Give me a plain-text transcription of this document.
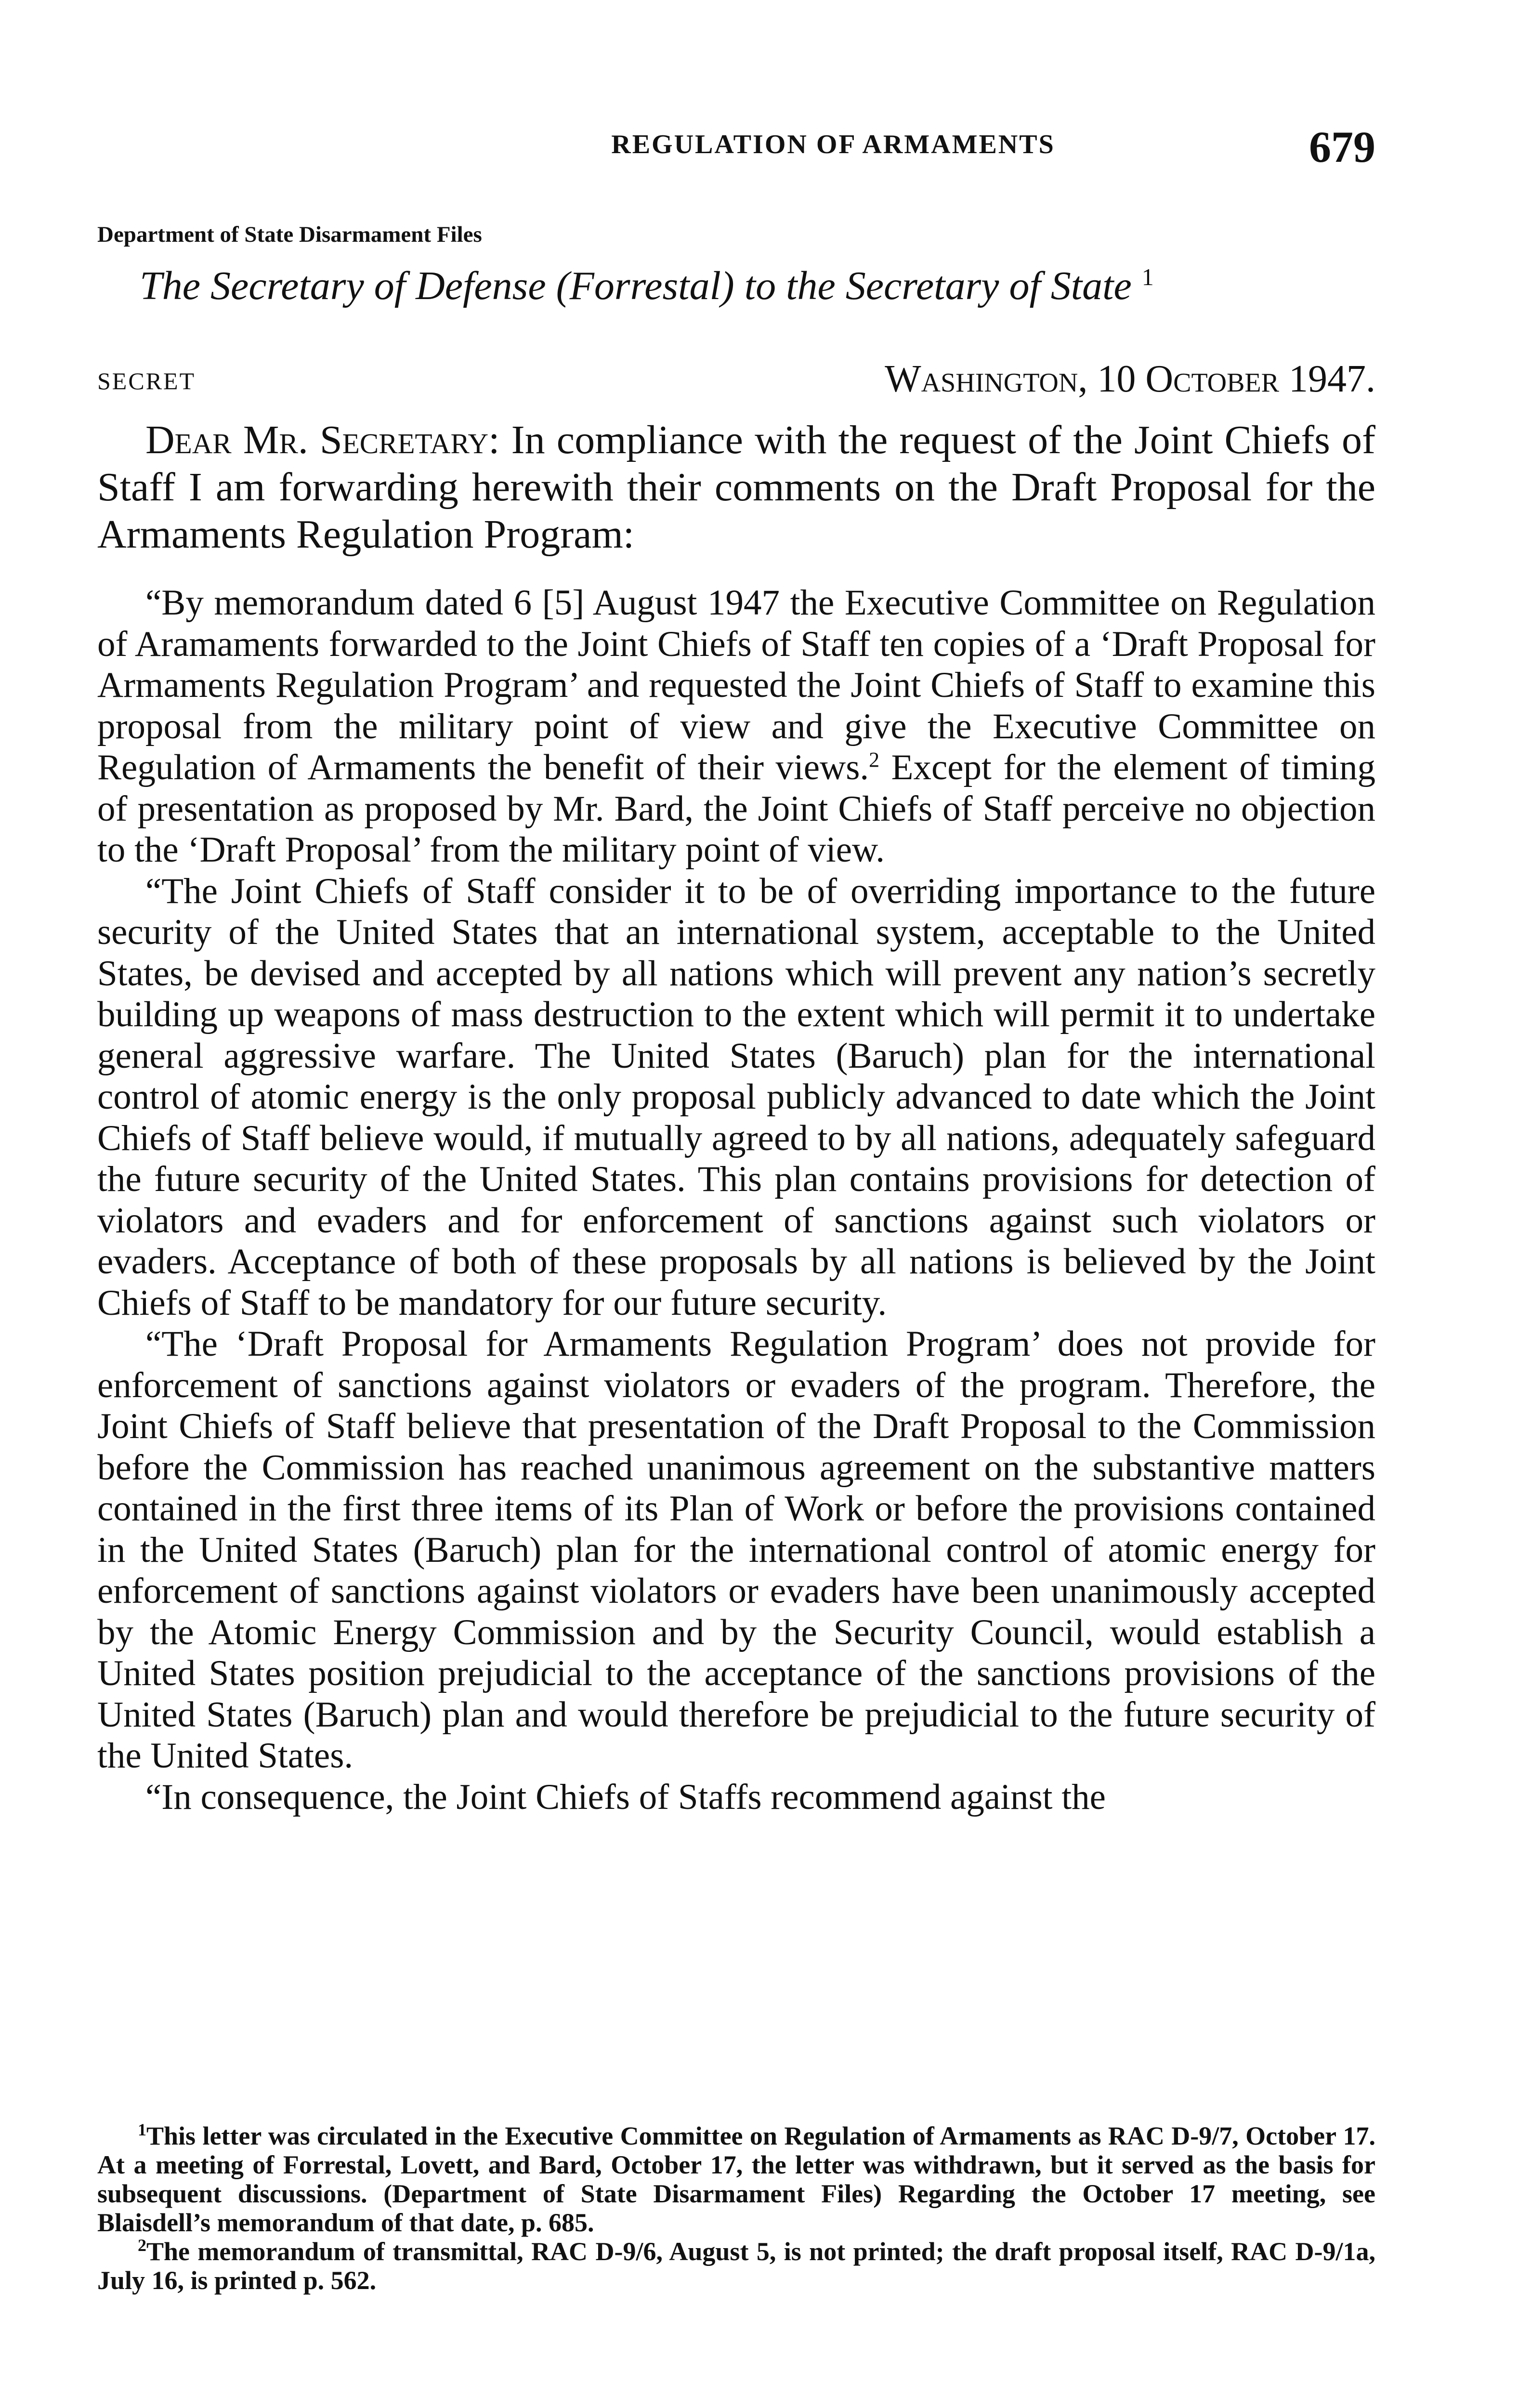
REGULATION OF ARMAMENTS	679
Department of State Disarmament Files
The Secretary of Defense (Forrestal) to the Secretary of State $^1$
SECRET	Washington, 10 October 1947.

Dear Mr. Secretary: In compliance with the request of the Joint Chiefs of Staff I am forwarding herewith their comments on the Draft Proposal for the Armaments Regulation Program:

“By memorandum dated 6 [5] August 1947 the Executive Committee on Regulation of Aramaments forwarded to the Joint Chiefs of Staff ten copies of a ‘Draft Proposal for Armaments Regulation Program’ and requested the Joint Chiefs of Staff to examine this proposal from the military point of view and give the Executive Committee on Regulation of Armaments the benefit of their views.$^2$ Except for the element of timing of presentation as proposed by Mr. Bard, the Joint Chiefs of Staff perceive no objection to the ‘Draft Proposal’ from the military point of view.

“The Joint Chiefs of Staff consider it to be of overriding importance to the future security of the United States that an international system, acceptable to the United States, be devised and accepted by all nations which will prevent any nation’s secretly building up weapons of mass destruction to the extent which will permit it to undertake general aggressive warfare. The United States (Baruch) plan for the international control of atomic energy is the only proposal publicly advanced to date which the Joint Chiefs of Staff believe would, if mutually agreed to by all nations, adequately safeguard the future security of the United States. This plan contains provisions for detection of violators and evaders and for enforcement of sanctions against such violators or evaders. Acceptance of both of these proposals by all nations is believed by the Joint Chiefs of Staff to be mandatory for our future security.

“The ‘Draft Proposal for Armaments Regulation Program’ does not provide for enforcement of sanctions against violators or evaders of the program. Therefore, the Joint Chiefs of Staff believe that presentation of the Draft Proposal to the Commission before the Commission has reached unanimous agreement on the substantive matters contained in the first three items of its Plan of Work or before the provisions contained in the United States (Baruch) plan for the international control of atomic energy for enforcement of sanctions against violators or evaders have been unanimously accepted by the Atomic Energy Commission and by the Security Council, would establish a United States position prejudicial to the acceptance of the sanctions provisions of the United States (Baruch) plan and would therefore be prejudicial to the future security of the United States.

“In consequence, the Joint Chiefs of Staffs recommend against the

$^1$This letter was circulated in the Executive Committee on Regulation of Armaments as RAC D-9/7, October 17. At a meeting of Forrestal, Lovett, and Bard, October 17, the letter was withdrawn, but it served as the basis for subsequent discussions. (Department of State Disarmament Files) Regarding the October 17 meeting, see Blaisdell’s memorandum of that date, p. 685.

$^2$The memorandum of transmittal, RAC D-9/6, August 5, is not printed; the draft proposal itself, RAC D-9/1a, July 16, is printed p. 562.
